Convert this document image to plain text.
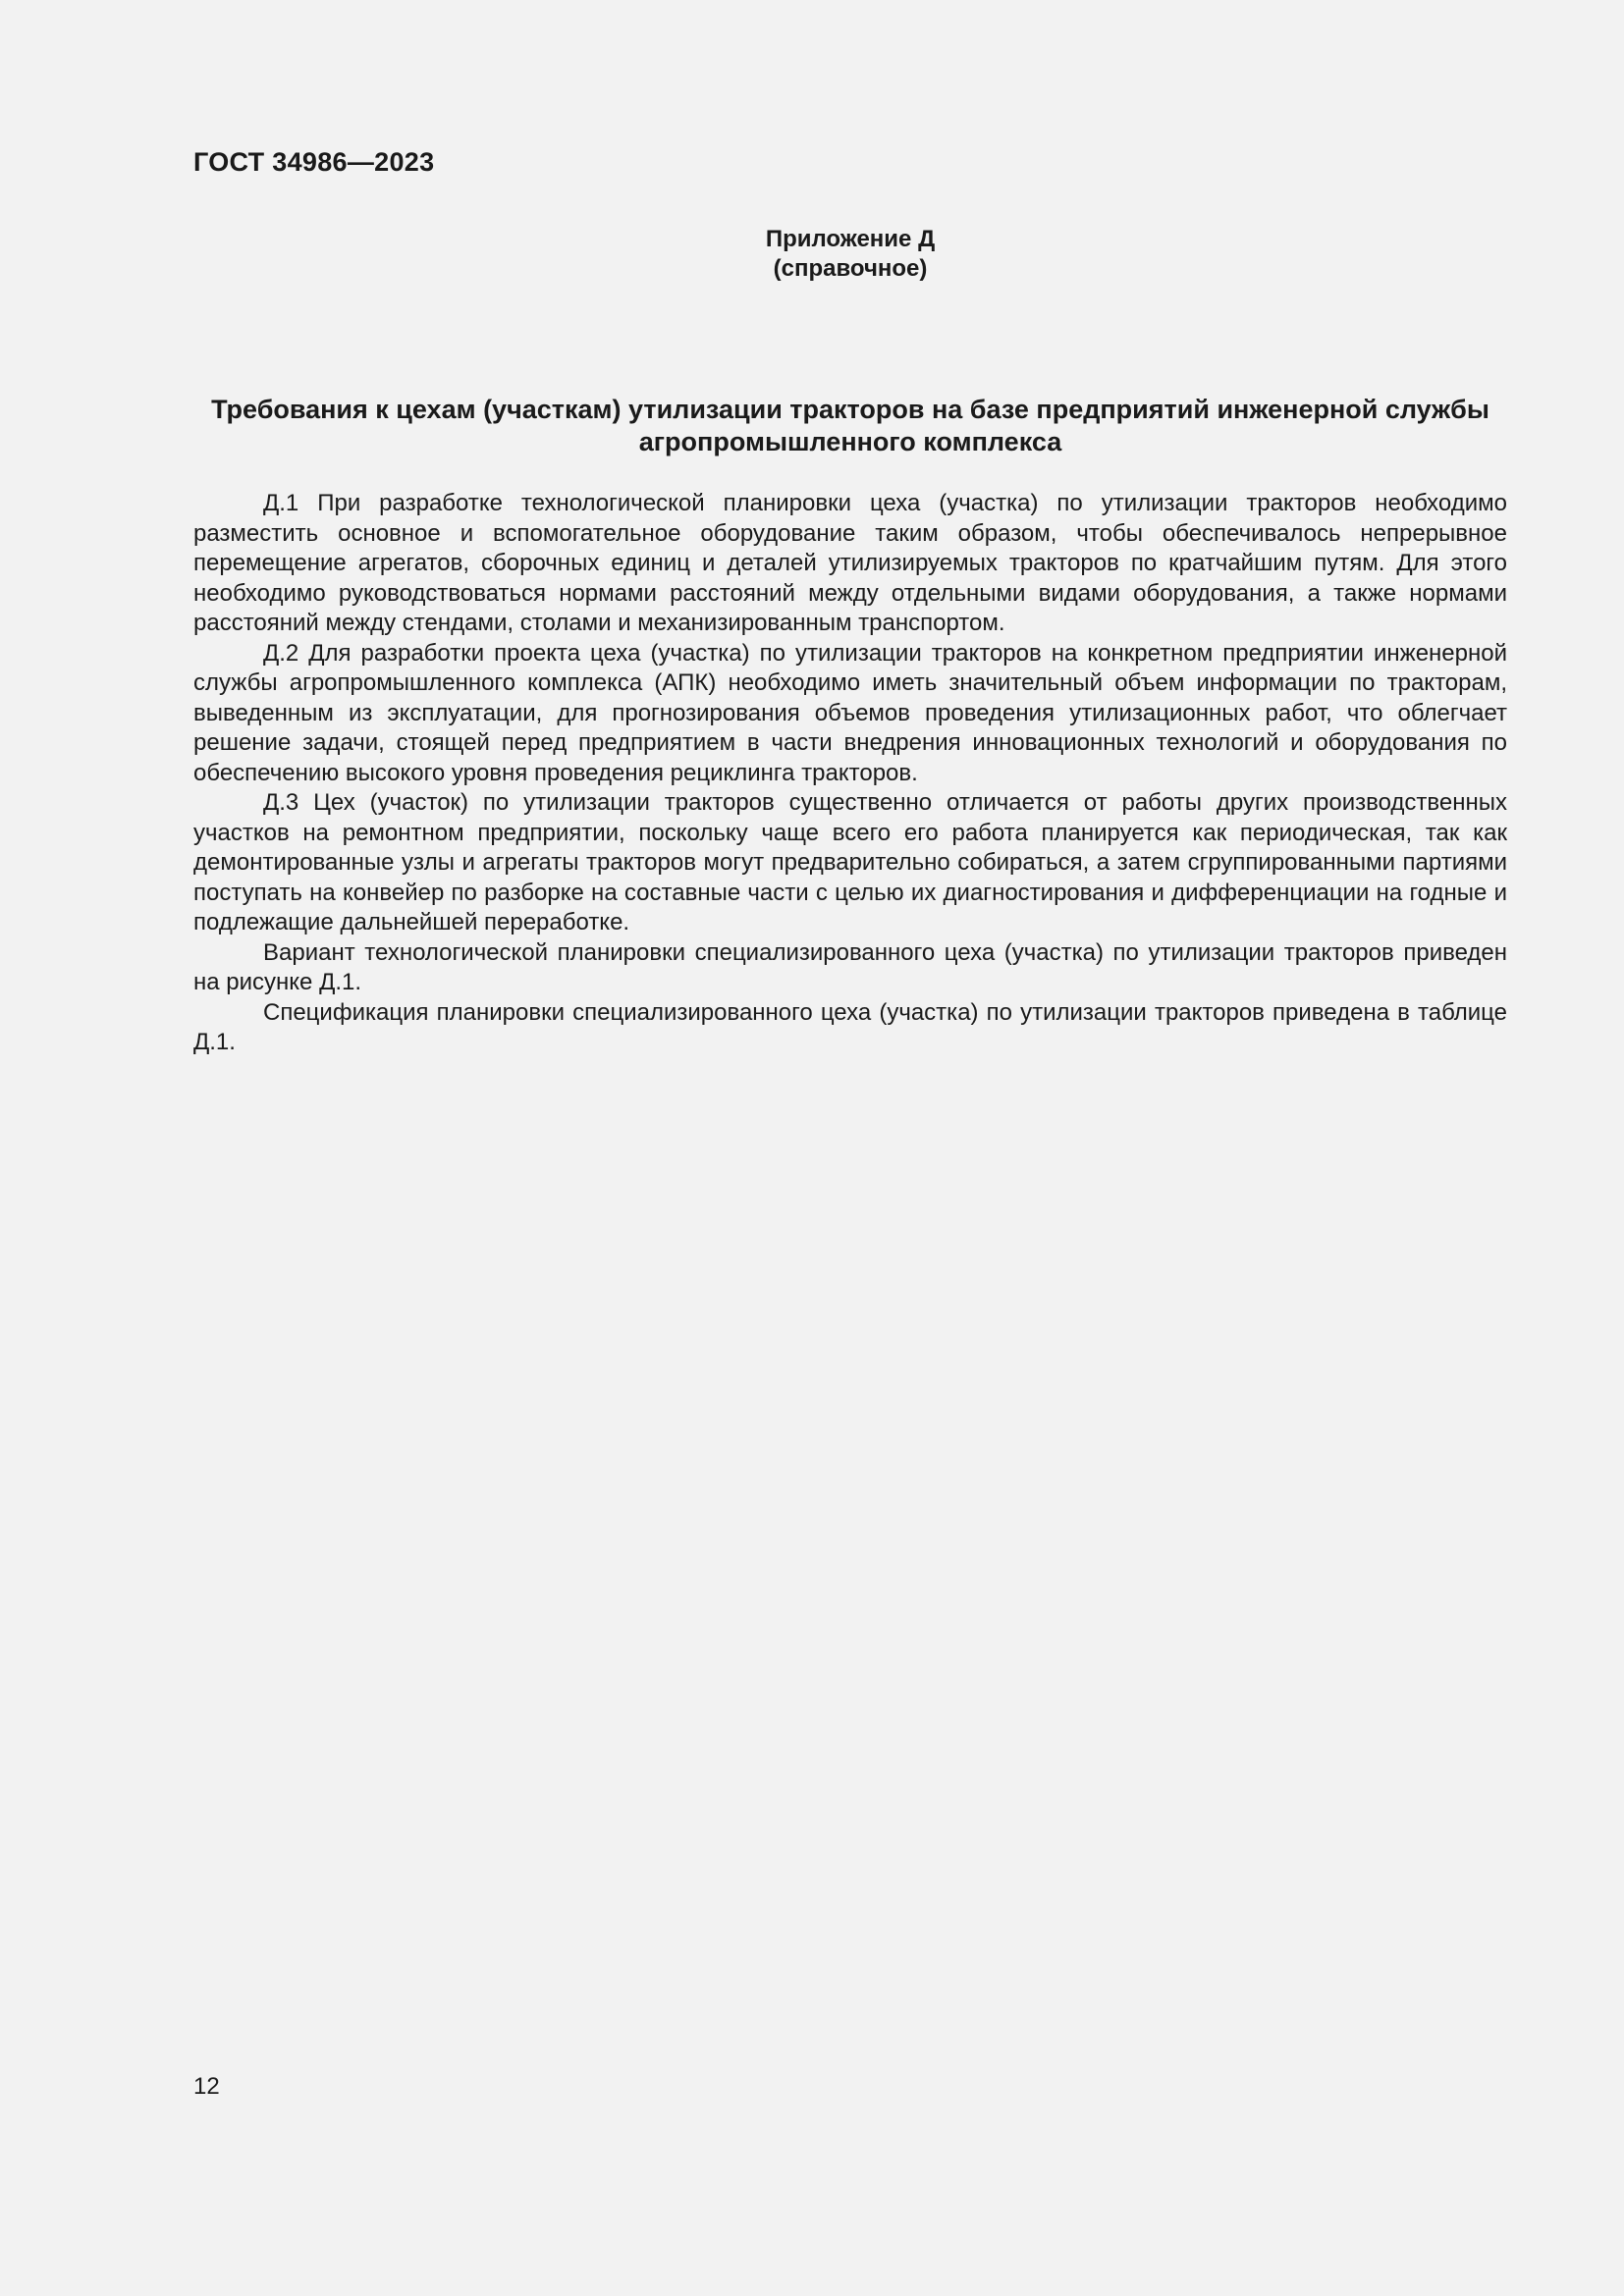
ГОСТ 34986—2023
Приложение Д
(справочное)
Требования к цехам (участкам) утилизации тракторов на базе предприятий инженерной службы агропромышленного комплекса

Д.1 При разработке технологической планировки цеха (участка) по утилизации тракторов необходимо разместить основное и вспомогательное оборудование таким образом, чтобы обеспечивалось непрерывное перемещение агрегатов, сборочных единиц и деталей утилизируемых тракторов по кратчайшим путям. Для этого необходимо руководствоваться нормами расстояний между отдельными видами оборудования, а также нормами расстояний между стендами, столами и механизированным транспортом.

Д.2 Для разработки проекта цеха (участка) по утилизации тракторов на конкретном предприятии инженерной службы агропромышленного комплекса (АПК) необходимо иметь значительный объем информации по тракторам, выведенным из эксплуатации, для прогнозирования объемов проведения утилизационных работ, что облегчает решение задачи, стоящей перед предприятием в части внедрения инновационных технологий и оборудования по обеспечению высокого уровня проведения рециклинга тракторов.

Д.3 Цех (участок) по утилизации тракторов существенно отличается от работы других производственных участков на ремонтном предприятии, поскольку чаще всего его работа планируется как периодическая, так как демонтированные узлы и агрегаты тракторов могут предварительно собираться, а затем сгруппированными партиями поступать на конвейер по разборке на составные части с целью их диагностирования и дифференциации на годные и подлежащие дальнейшей переработке.

Вариант технологической планировки специализированного цеха (участка) по утилизации тракторов приведен на рисунке Д.1.

Спецификация планировки специализированного цеха (участка) по утилизации тракторов приведена в таблице Д.1.

12
